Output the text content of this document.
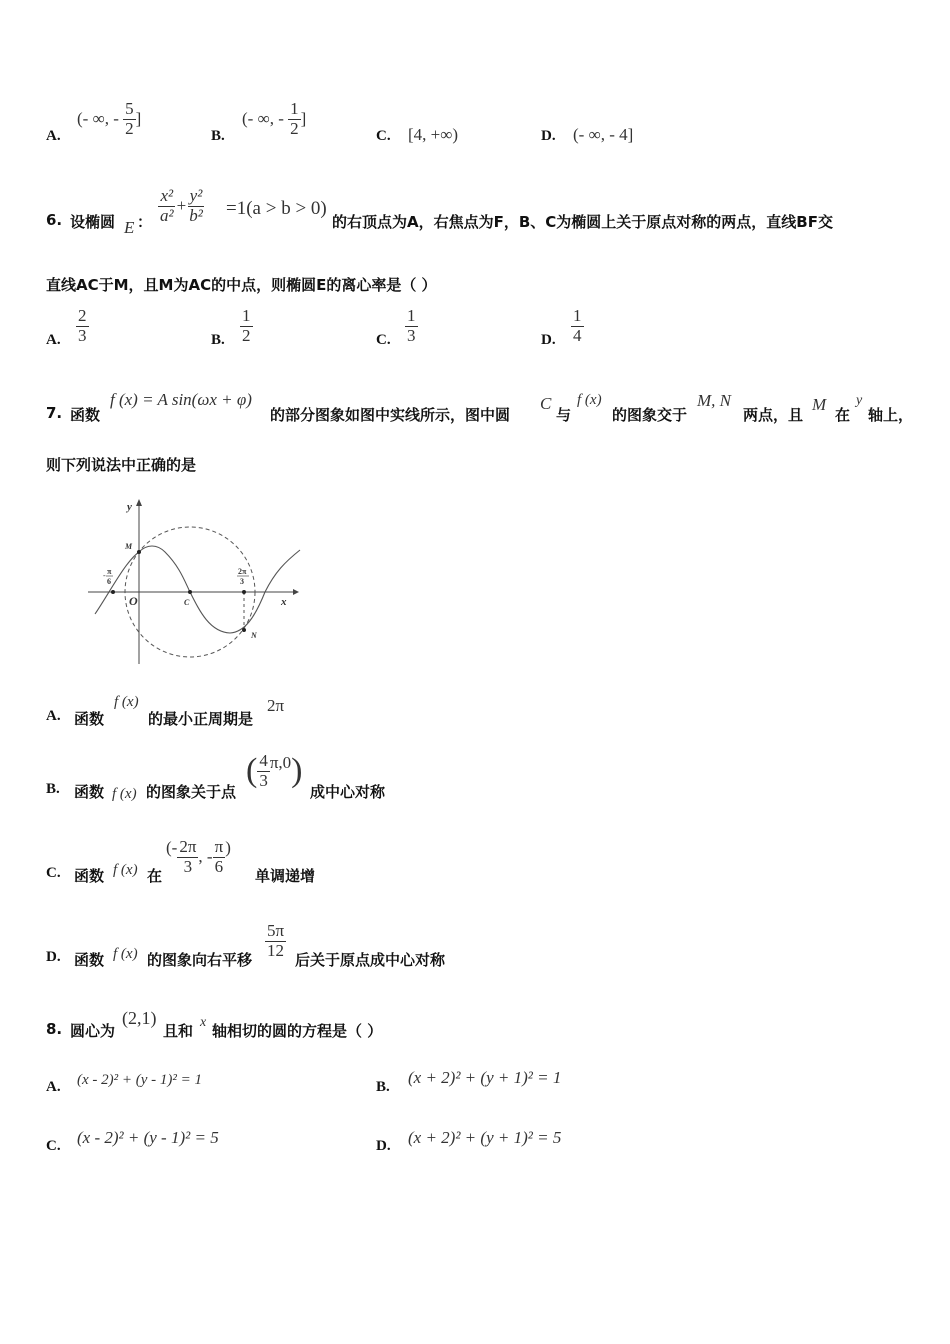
A.
(- ∞, - $\frac{5}{2}$ ]
B.
(- ∞, - $\frac{1}{2}$ ]
C. [4, +∞)	D. (- ∞, - 4]
6. 设椭圆 E ： $\frac{\text{x²}}{\text{a²}} + \frac{\text{y²}}{\text{b²}} =1(a > b > 0)$
的右顶点为A，右焦点为F，B、C为椭圆上关于原点对称的两点，直线BF交
直线AC于M，且M为AC的中点，则椭圆E的离心率是（ ）
A. $\frac{2}{3}$	B. $\frac{1}{2}$	C. $\frac{1}{3}$	D. $\frac{1}{4}$
7. 函数
f (x) = A sin(ωx + φ)
的部分图象如图中实线所示，图中圆
C
与
f (x)
的图象交于
M, N
两点，且
M
在
y
轴上，
则下列说法中正确的是
y
x
O
M
N
C
- π
6
2π
3
A. 函数
f (x)
的最小正周期是
2π
B. 函数 f (x) 的图象关于点
( $\frac{4}{3} \pi,0$)
成中心对称
C. 函数 f (x) 在
(- $\frac{2\pi}{3}$ , - $\frac{\pi}{6}$ )
单调递增
D. 函数 f (x) 的图象向右平移 $\frac{5\pi}{12}$ 后关于原点成中心对称
8. 圆心为
(2,1)
且和 x 轴相切的圆的方程是（ ）
A. (x - 2)² + (y - 1)² = 1	B. (x + 2)² + (y + 1)² = 1
C. (x - 2)² + (y - 1)² = 5	D. (x + 2)² + (y + 1)² = 5
